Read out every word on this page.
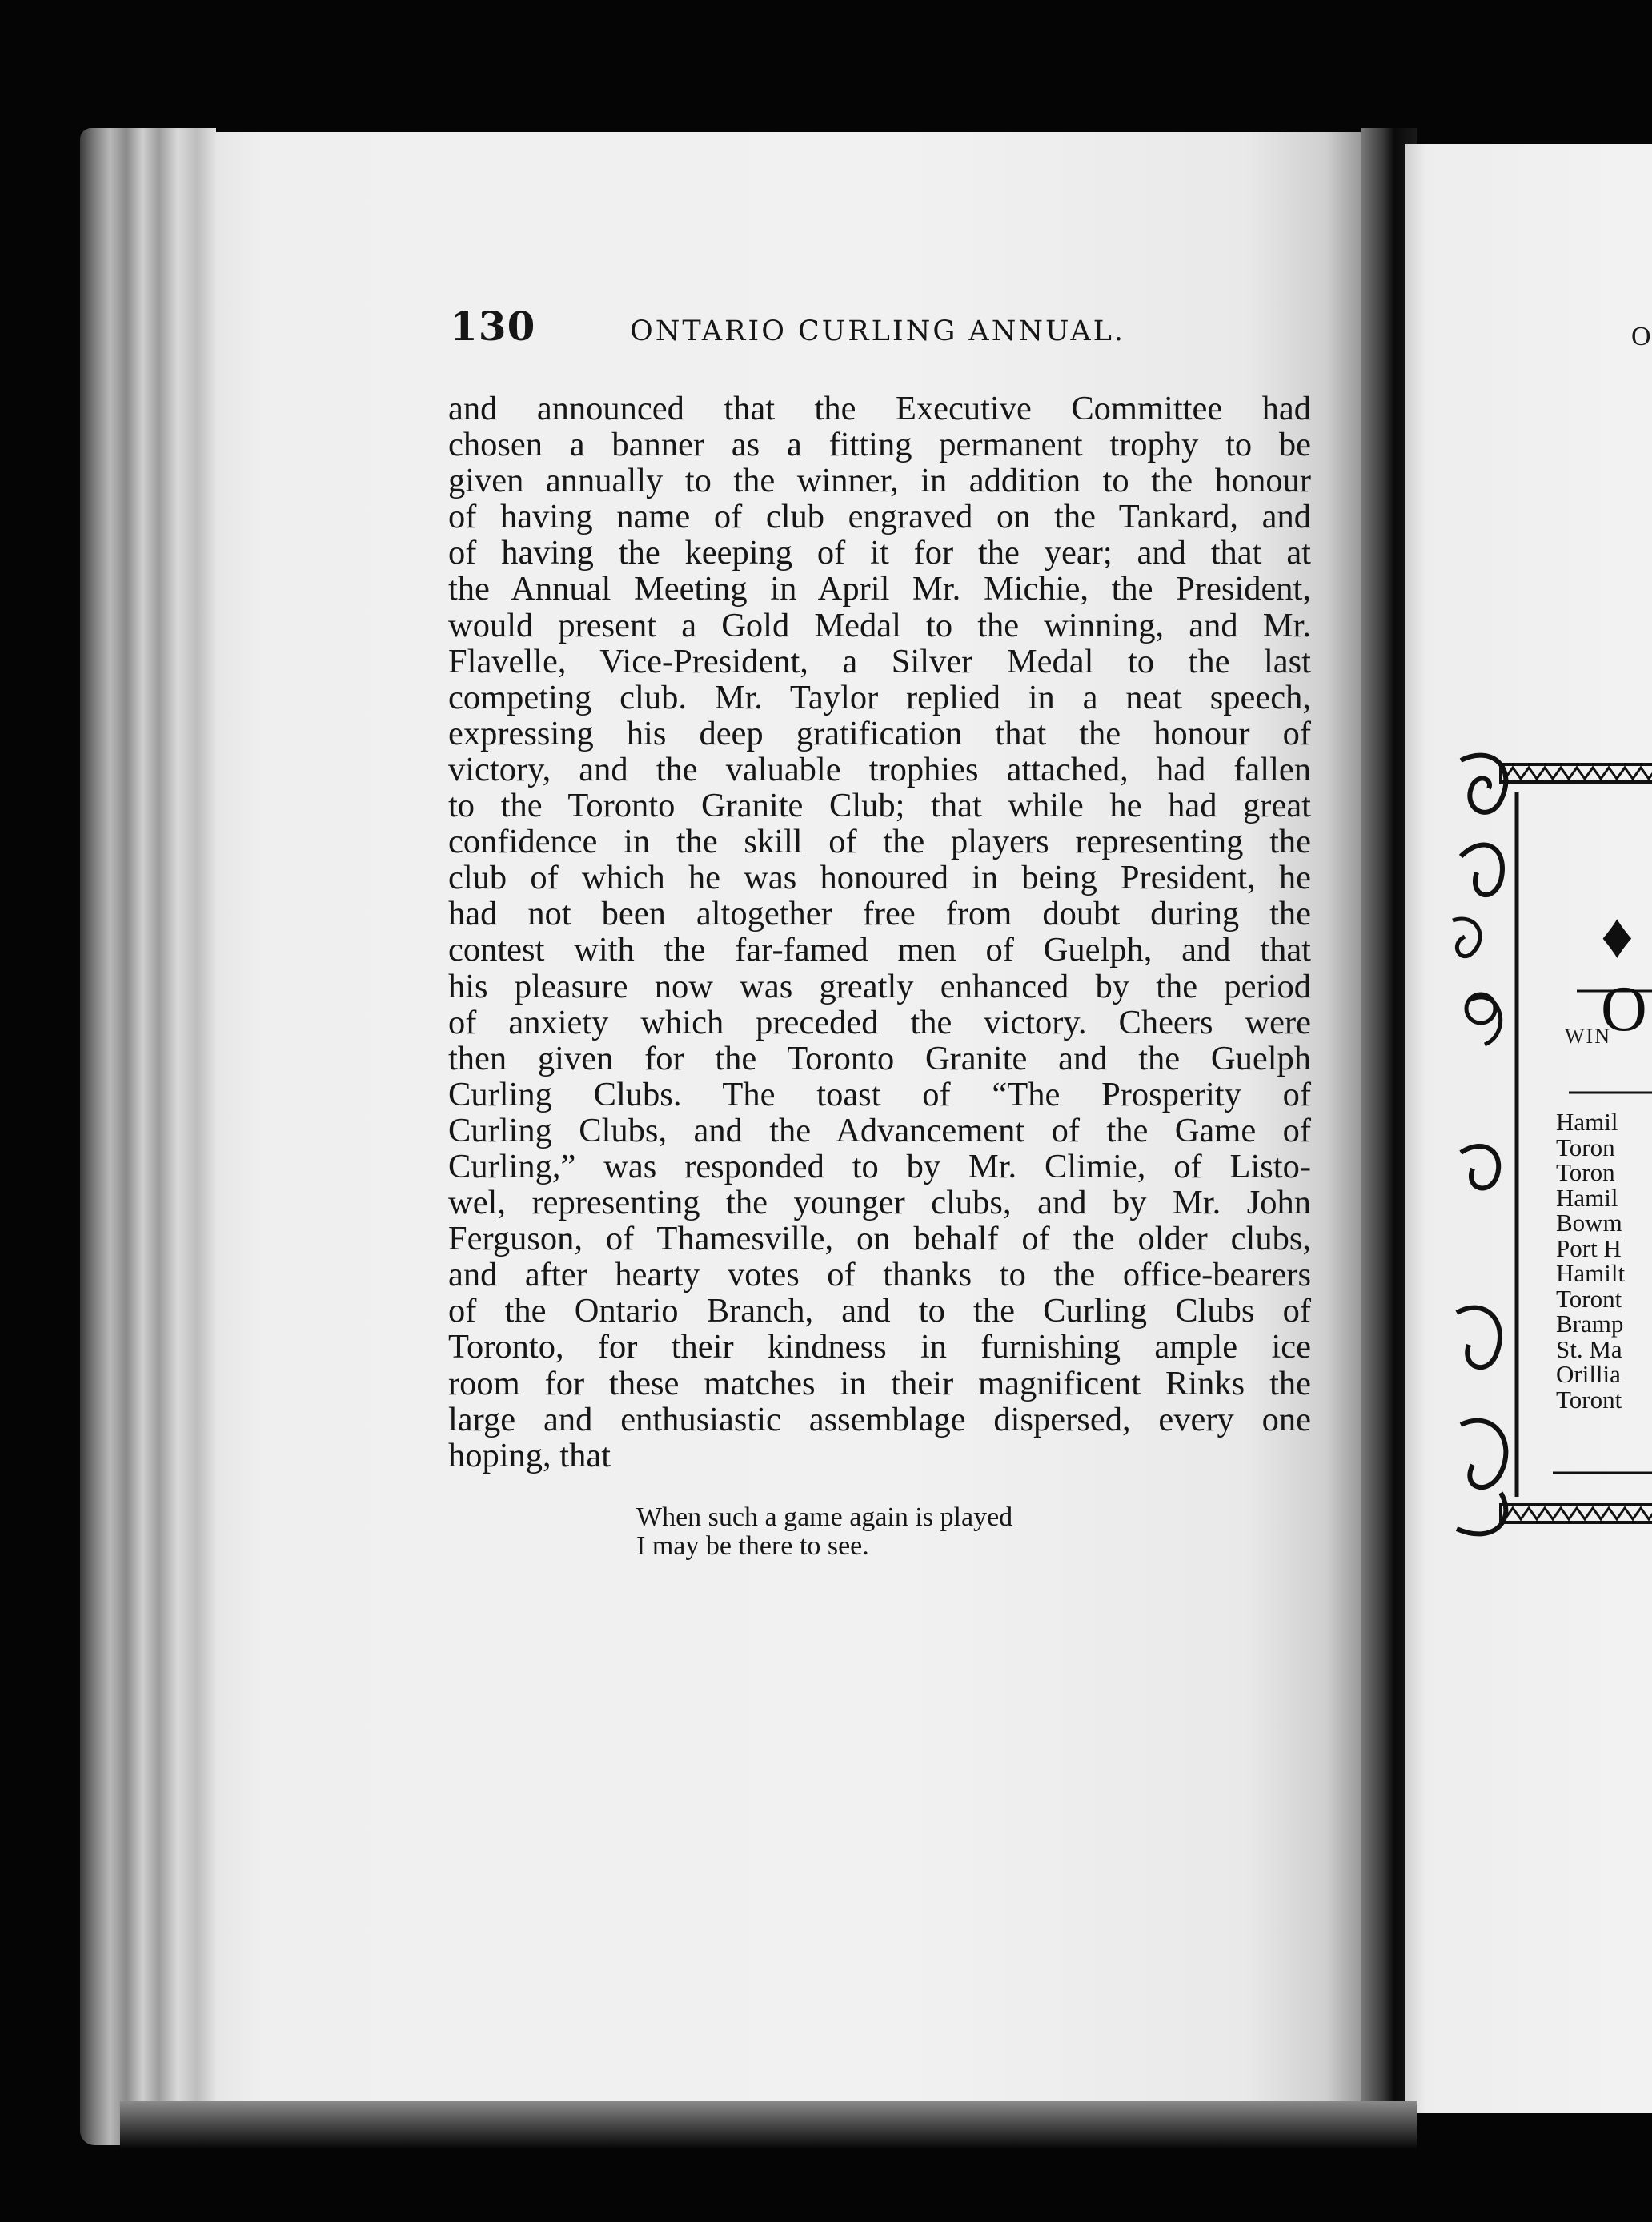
130	ONTARIO CURLING ANNUAL.
and announced that the Executive Committee had
chosen a banner as a fitting permanent trophy to be
given annually to the winner, in addition to the honour
of having name of club engraved on the Tankard, and
of having the keeping of it for the year; and that at
the Annual Meeting in April Mr. Michie, the President,
would present a Gold Medal to the winning, and Mr.
Flavelle, Vice-President, a Silver Medal to the last
competing club. Mr. Taylor replied in a neat speech,
expressing his deep gratification that the honour of
victory, and the valuable trophies attached, had fallen
to the Toronto Granite Club; that while he had great
confidence in the skill of the players representing the
club of which he was honoured in being President, he
had not been altogether free from doubt during the
contest with the far-famed men of Guelph, and that
his pleasure now was greatly enhanced by the period
of anxiety which preceded the victory. Cheers were
then given for the Toronto Granite and the Guelph
Curling Clubs. The toast of “The Prosperity of
Curling Clubs, and the Advancement of the Game of
Curling,” was responded to by Mr. Climie, of Listo-
wel, representing the younger clubs, and by Mr. John
Ferguson, of Thamesville, on behalf of the older clubs,
and after hearty votes of thanks to the office-bearers
of the Ontario Branch, and to the Curling Clubs of
Toronto, for their kindness in furnishing ample ice
room for these matches in their magnificent Rinks the
large and enthusiastic assemblage dispersed, every one
hoping, that
When such a game again is played
I may be there to see.
O
♦ O
WIN
Hamil
Toron
Toron
Hamil
Bowm
Port H
Hamilt
Toront
Bramp
St. Ma
Orillia
Toront
